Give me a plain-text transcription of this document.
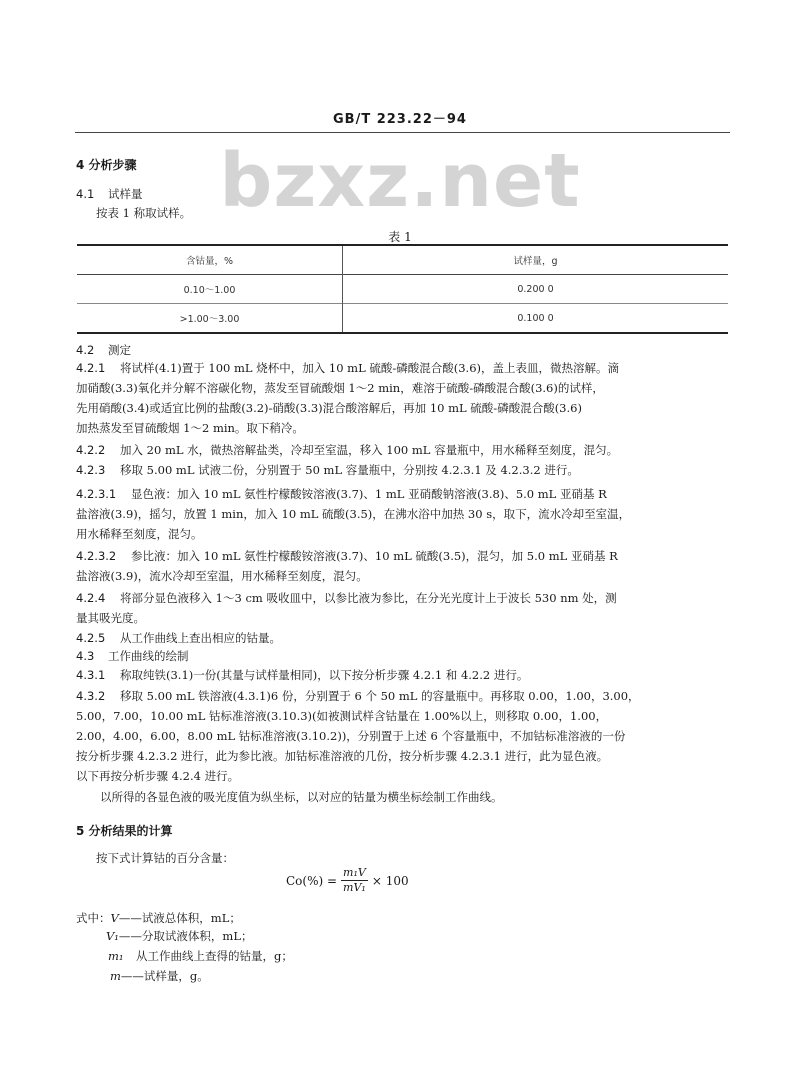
GB/T 223.22－94
bzxz.net
4 分析步骤
4.1 试样量
按表 1 称取试样。
表 1
含钴量，%	试样量，g
0.10～1.00	0.200 0
>1.00～3.00	0.100 0
4.2 测定
4.2.1 将试样(4.1)置于 100 mL 烧杯中，加入 10 mL 硫酸-磷酸混合酸(3.6)，盖上表皿，微热溶解。滴
加硝酸(3.3)氧化并分解不溶碳化物，蒸发至冒硫酸烟 1～2 min，难溶于硫酸-磷酸混合酸(3.6)的试样，
先用硝酸(3.4)或适宜比例的盐酸(3.2)-硝酸(3.3)混合酸溶解后，再加 10 mL 硫酸-磷酸混合酸(3.6)
加热蒸发至冒硫酸烟 1～2 min。取下稍冷。
4.2.2 加入 20 mL 水，微热溶解盐类，冷却至室温，移入 100 mL 容量瓶中，用水稀释至刻度，混匀。
4.2.3 移取 5.00 mL 试液二份，分别置于 50 mL 容量瓶中，分别按 4.2.3.1 及 4.2.3.2 进行。
4.2.3.1 显色液：加入 10 mL 氨性柠檬酸铵溶液(3.7)、1 mL 亚硝酸钠溶液(3.8)、5.0 mL 亚硝基 R
盐溶液(3.9)，摇匀，放置 1 min，加入 10 mL 硫酸(3.5)，在沸水浴中加热 30 s，取下，流水冷却至室温，
用水稀释至刻度，混匀。
4.2.3.2 参比液：加入 10 mL 氨性柠檬酸铵溶液(3.7)、10 mL 硫酸(3.5)，混匀，加 5.0 mL 亚硝基 R
盐溶液(3.9)，流水冷却至室温，用水稀释至刻度，混匀。
4.2.4 将部分显色液移入 1～3 cm 吸收皿中，以参比液为参比，在分光光度计上于波长 530 nm 处，测
量其吸光度。
4.2.5 从工作曲线上查出相应的钴量。
4.3 工作曲线的绘制
4.3.1 称取纯铁(3.1)一份(其量与试样量相同)，以下按分析步骤 4.2.1 和 4.2.2 进行。
4.3.2 移取 5.00 mL 铁溶液(4.3.1)6 份，分别置于 6 个 50 mL 的容量瓶中。再移取 0.00，1.00，3.00，
5.00，7.00，10.00 mL 钴标准溶液(3.10.3)(如被测试样含钴量在 1.00%以上，则移取 0.00，1.00，
2.00，4.00，6.00，8.00 mL 钴标准溶液(3.10.2))，分别置于上述 6 个容量瓶中，不加钴标准溶液的一份
按分析步骤 4.2.3.2 进行，此为参比液。加钴标准溶液的几份，按分析步骤 4.2.3.1 进行，此为显色液。
以下再按分析步骤 4.2.4 进行。
以所得的各显色液的吸光度值为纵坐标，以对应的钴量为横坐标绘制工作曲线。
5 分析结果的计算
按下式计算钴的百分含量：
$Co(\%) = \frac{\text{m₁V}}{\text{mV₁}} \times 100$
式中：V——试液总体积，mL；
V₁——分取试液体积，mL；
m₁ 从工作曲线上查得的钴量，g；
m——试样量，g。
